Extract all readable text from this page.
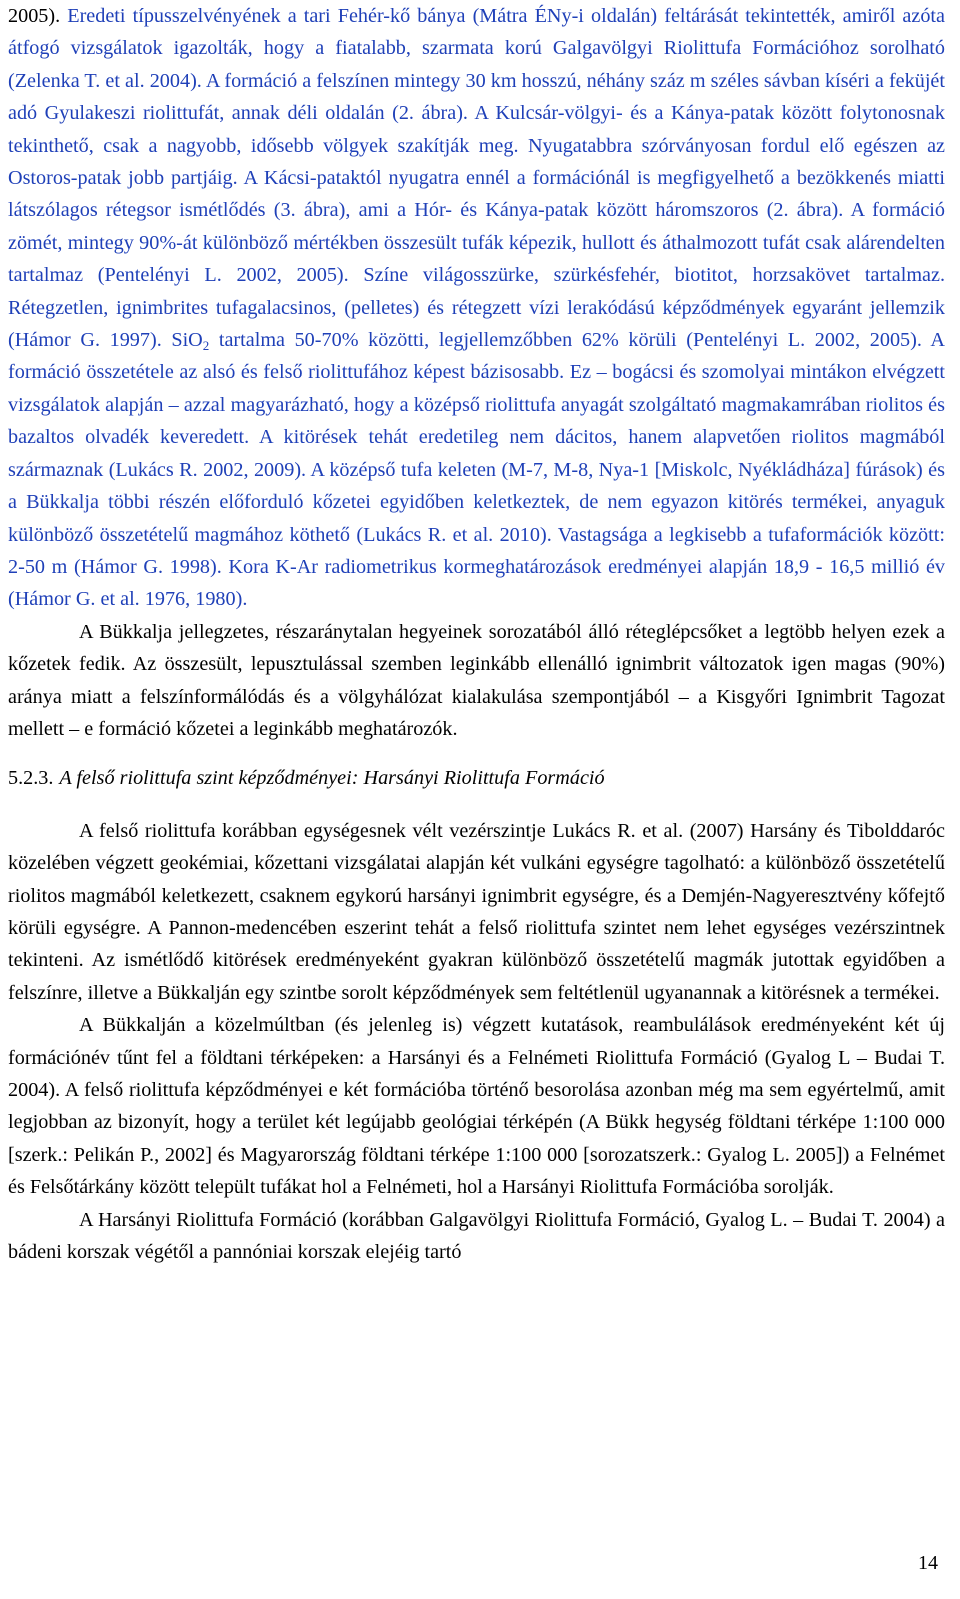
2005). Eredeti típusszelvényének a tari Fehér-kő bánya (Mátra ÉNy-i oldalán) feltárását tekintették, amiről azóta átfogó vizsgálatok igazolták, hogy a fiatalabb, szarmata korú Galgavölgyi Riolittufa Formációhoz sorolható (Zelenka T. et al. 2004). A formáció a felszínen mintegy 30 km hosszú, néhány száz m széles sávban kíséri a feküjét adó Gyulakeszi riolittufát, annak déli oldalán (2. ábra). A Kulcsár-völgyi- és a Kánya-patak között folytonosnak tekinthető, csak a nagyobb, idősebb völgyek szakítják meg. Nyugatabbra szórványosan fordul elő egészen az Ostoros-patak jobb partjáig. A Kácsi-pataktól nyugatra ennél a formációnál is megfigyelhető a bezökkenés miatti látszólagos rétegsor ismétlődés (3. ábra), ami a Hór- és Kánya-patak között háromszoros (2. ábra). A formáció zömét, mintegy 90%-át különböző mértékben összesült tufák képezik, hullott és áthalmozott tufát csak alárendelten tartalmaz (Pentelényi L. 2002, 2005). Színe világosszürke, szürkésfehér, biotitot, horzsakövet tartalmaz. Rétegzetlen, ignimbrites tufagalacsinos, (pelletes) és rétegzett vízi lerakódású képződmények egyaránt jellemzik (Hámor G. 1997). SiO$_2$ tartalma 50-70% közötti, legjellemzőbben 62% körüli (Pentelényi L. 2002, 2005). A formáció összetétele az alsó és felső riolittufához képest bázisosabb. Ez – bogácsi és szomolyai mintákon elvégzett vizsgálatok alapján – azzal magyarázható, hogy a középső riolittufa anyagát szolgáltató magmakamrában riolitos és bazaltos olvadék keveredett. A kitörések tehát eredetileg nem dácitos, hanem alapvetően riolitos magmából származnak (Lukács R. 2002, 2009). A középső tufa keleten (M-7, M-8, Nya-1 [Miskolc, Nyékládháza] fúrások) és a Bükkalja többi részén előforduló kőzetei egyidőben keletkeztek, de nem egyazon kitörés termékei, anyaguk különböző összetételű magmához köthető (Lukács R. et al. 2010). Vastagsága a legkisebb a tufaformációk között: 2-50 m (Hámor G. 1998). Kora K-Ar radiometrikus kormeghatározások eredményei alapján 18,9 - 16,5 millió év (Hámor G. et al. 1976, 1980).

A Bükkalja jellegzetes, részaránytalan hegyeinek sorozatából álló réteglépcsőket a legtöbb helyen ezek a kőzetek fedik. Az összesült, lepusztulással szemben leginkább ellenálló ignimbrit változatok igen magas (90%) aránya miatt a felszínformálódás és a völgyhálózat kialakulása szempontjából – a Kisgyőri Ignimbrit Tagozat mellett – e formáció kőzetei a leginkább meghatározók.

5.2.3. A felső riolittufa szint képződményei: Harsányi Riolittufa Formáció

A felső riolittufa korábban egységesnek vélt vezérszintje Lukács R. et al. (2007) Harsány és Tibolddaróc közelében végzett geokémiai, kőzettani vizsgálatai alapján két vulkáni egységre tagolható: a különböző összetételű riolitos magmából keletkezett, csaknem egykorú harsányi ignimbrit egységre, és a Demjén-Nagyeresztvény kőfejtő körüli egységre. A Pannon-medencében eszerint tehát a felső riolittufa szintet nem lehet egységes vezérszintnek tekinteni. Az ismétlődő kitörések eredményeként gyakran különböző összetételű magmák jutottak egyidőben a felszínre, illetve a Bükkalján egy szintbe sorolt képződmények sem feltétlenül ugyanannak a kitörésnek a termékei.

A Bükkalján a közelmúltban (és jelenleg is) végzett kutatások, reambulálások eredményeként két új formációnév tűnt fel a földtani térképeken: a Harsányi és a Felnémeti Riolittufa Formáció (Gyalog L – Budai T. 2004). A felső riolittufa képződményei e két formációba történő besorolása azonban még ma sem egyértelmű, amit legjobban az bizonyít, hogy a terület két legújabb geológiai térképén (A Bükk hegység földtani térképe 1:100 000 [szerk.: Pelikán P., 2002] és Magyarország földtani térképe 1:100 000 [sorozatszerk.: Gyalog L. 2005]) a Felnémet és Felsőtárkány között települt tufákat hol a Felnémeti, hol a Harsányi Riolittufa Formációba sorolják.

A Harsányi Riolittufa Formáció (korábban Galgavölgyi Riolittufa Formáció, Gyalog L. – Budai T. 2004) a bádeni korszak végétől a pannóniai korszak elejéig tartó

14
